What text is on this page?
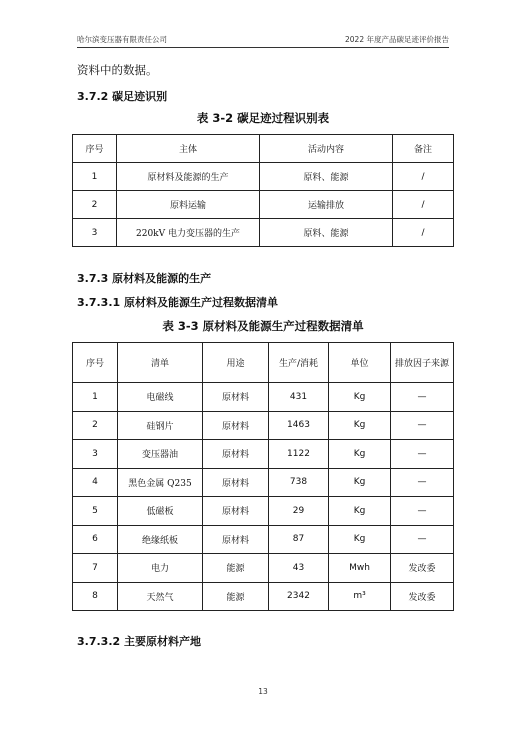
哈尔滨变压器有限责任公司	2022 年度产品碳足迹评价报告
资料中的数据。
3.7.2 碳足迹识别
表 3-2 碳足迹过程识别表
序号	主体	活动内容	备注
1	原材料及能源的生产	原料、能源	/
2	原料运输	运输排放	/
3	220kV 电力变压器的生产	原料、能源	/
3.7.3 原材料及能源的生产
3.7.3.1 原材料及能源生产过程数据清单
表 3-3 原材料及能源生产过程数据清单
序号	清单	用途	生产/消耗	单位	排放因子来源
1	电磁线	原材料	431	Kg	—
2	硅钢片	原材料	1463	Kg	—
3	变压器油	原材料	1122	Kg	—
4	黑色金属 Q235	原材料	738	Kg	—
5	低磁板	原材料	29	Kg	—
6	绝缘纸板	原材料	87	Kg	—
7	电力	能源	43	Mwh	发改委
8	天然气	能源	2342	m³	发改委
3.7.3.2 主要原材料产地
13
